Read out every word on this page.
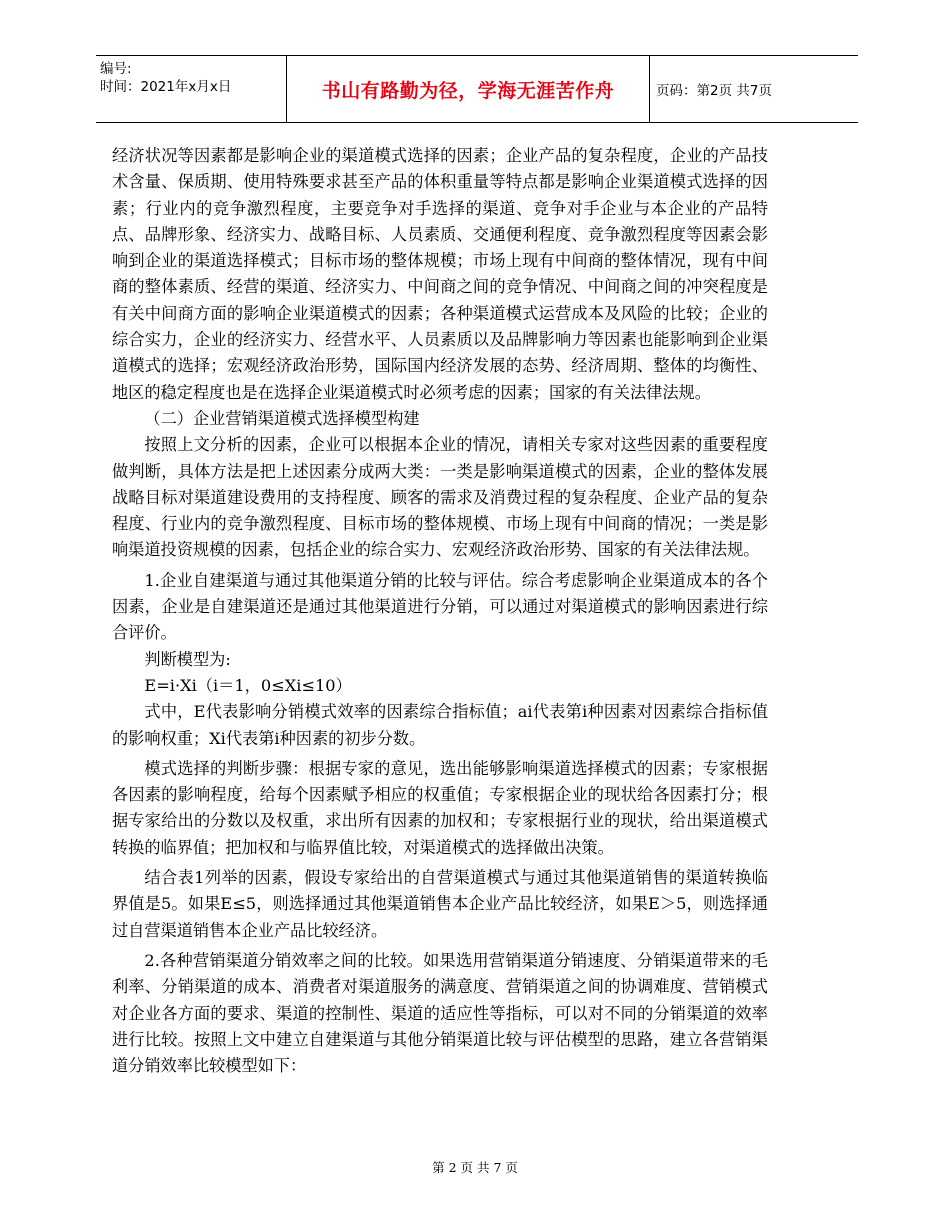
编号:
时间：2021年x月x日	书山有路勤为径，学海无涯苦作舟	页码：第2页 共7页

经济状况等因素都是影响企业的渠道模式选择的因素；企业产品的复杂程度，企业的产品技术含量、保质期、使用特殊要求甚至产品的体积重量等特点都是影响企业渠道模式选择的因素；行业内的竞争激烈程度，主要竞争对手选择的渠道、竞争对手企业与本企业的产品特点、品牌形象、经济实力、战略目标、人员素质、交通便利程度、竞争激烈程度等因素会影响到企业的渠道选择模式；目标市场的整体规模；市场上现有中间商的整体情况，现有中间商的整体素质、经营的渠道、经济实力、中间商之间的竞争情况、中间商之间的冲突程度是有关中间商方面的影响企业渠道模式的因素；各种渠道模式运营成本及风险的比较；企业的综合实力，企业的经济实力、经营水平、人员素质以及品牌影响力等因素也能影响到企业渠道模式的选择；宏观经济政治形势，国际国内经济发展的态势、经济周期、整体的均衡性、地区的稳定程度也是在选择企业渠道模式时必须考虑的因素；国家的有关法律法规。

（二）企业营销渠道模式选择模型构建

按照上文分析的因素，企业可以根据本企业的情况，请相关专家对这些因素的重要程度做判断，具体方法是把上述因素分成两大类：一类是影响渠道模式的因素，企业的整体发展战略目标对渠道建设费用的支持程度、顾客的需求及消费过程的复杂程度、企业产品的复杂程度、行业内的竞争激烈程度、目标市场的整体规模、市场上现有中间商的情况；一类是影响渠道投资规模的因素，包括企业的综合实力、宏观经济政治形势、国家的有关法律法规。

1.企业自建渠道与通过其他渠道分销的比较与评估。综合考虑影响企业渠道成本的各个因素，企业是自建渠道还是通过其他渠道进行分销，可以通过对渠道模式的影响因素进行综合评价。

判断模型为:

E=i·Xi（i＝1，0≤Xi≤10）

式中，E代表影响分销模式效率的因素综合指标值；ai代表第i种因素对因素综合指标值的影响权重；Xi代表第i种因素的初步分数。

模式选择的判断步骤：根据专家的意见，选出能够影响渠道选择模式的因素；专家根据各因素的影响程度，给每个因素赋予相应的权重值；专家根据企业的现状给各因素打分；根据专家给出的分数以及权重，求出所有因素的加权和；专家根据行业的现状，给出渠道模式转换的临界值；把加权和与临界值比较，对渠道模式的选择做出决策。

结合表1列举的因素，假设专家给出的自营渠道模式与通过其他渠道销售的渠道转换临界值是5。如果E≤5，则选择通过其他渠道销售本企业产品比较经济，如果E＞5，则选择通过自营渠道销售本企业产品比较经济。

2.各种营销渠道分销效率之间的比较。如果选用营销渠道分销速度、分销渠道带来的毛利率、分销渠道的成本、消费者对渠道服务的满意度、营销渠道之间的协调难度、营销模式对企业各方面的要求、渠道的控制性、渠道的适应性等指标，可以对不同的分销渠道的效率进行比较。按照上文中建立自建渠道与其他分销渠道比较与评估模型的思路，建立各营销渠道分销效率比较模型如下：

第 2 页 共 7 页
